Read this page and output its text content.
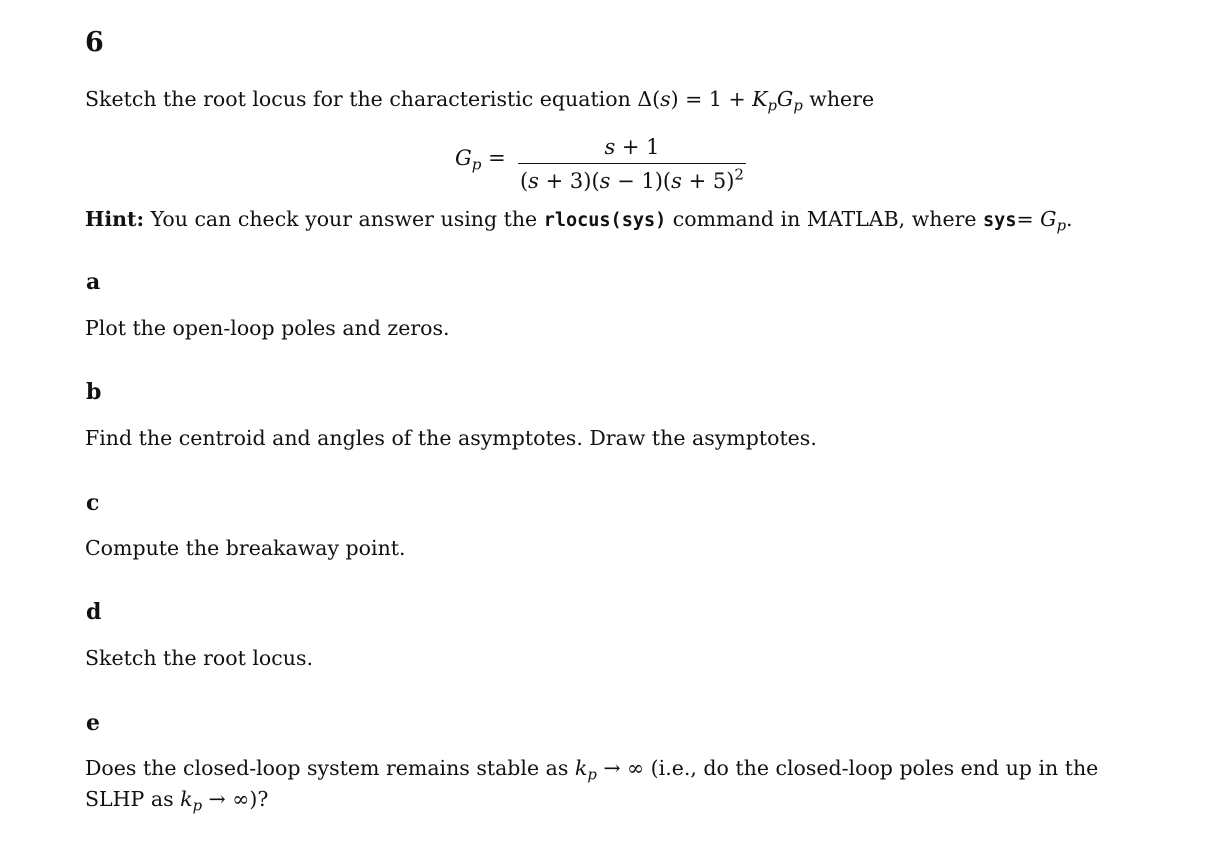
6
Sketch the root locus for the characteristic equation $\Delta(s) = 1 + K_pG_p$ where
$G_p$ =	s + 1
$(s + 3)(s - 1)(s + 5)^2$
Hint: You can check your answer using the rlocus(sys) command in MATLAB, where $sys= G_p$.
a
Plot the open-loop poles and zeros.
b
Find the centroid and angles of the asymptotes. Draw the asymptotes.
c
Compute the breakaway point.
d
Sketch the root locus.
e
Does the closed-loop system remains stable as $k_p$ → ∞ (i.e., do the closed-loop poles end up in the
SLHP as $k_p$ → ∞)?
